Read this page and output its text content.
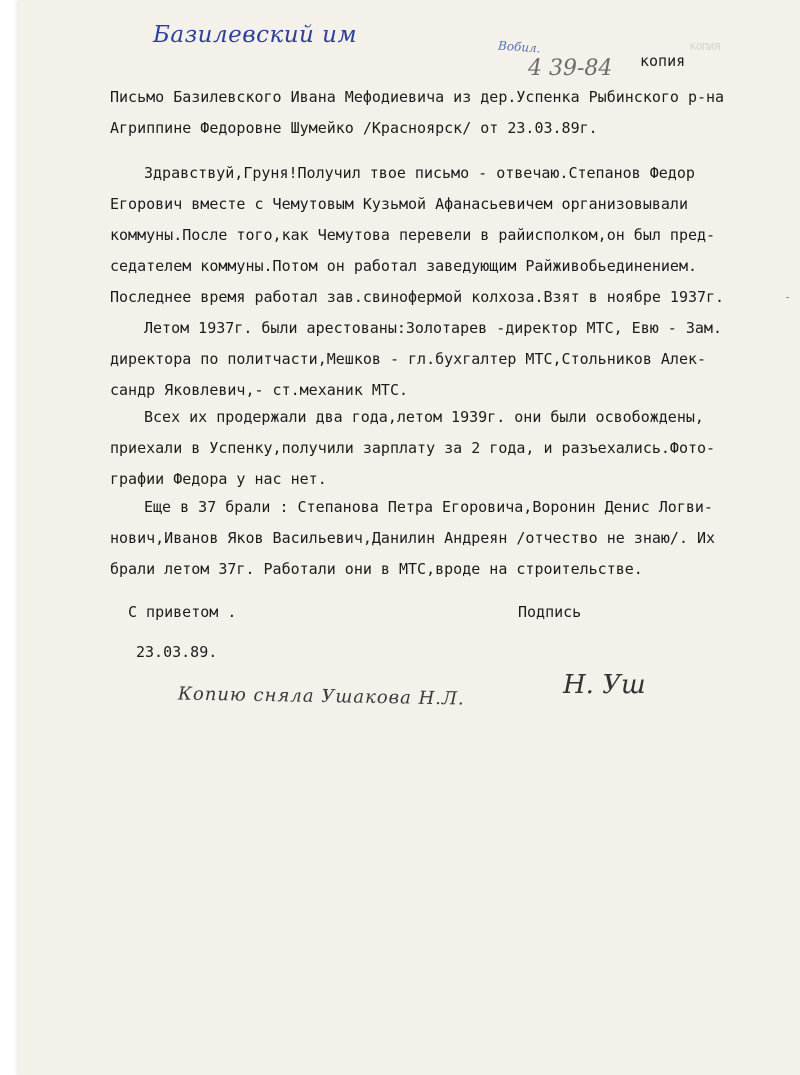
Базилевский им	Вобил.
4 39-84
КОПИЯ
копия
Письмо Базилевского Ивана Мефодиевича из дер.Успенка Рыбинского р-на
Агриппине Федоровне Шумейко /Красноярск/ от 23.03.89г.
Здравствуй,Груня!Получил твое письмо - отвечаю.Степанов Федор
Егорович вместе с Чемутовым Кузьмой Афанасьевичем организовывали
коммуны.После того,как Чемутова перевели в райисполком,он был пред-
седателем коммуны.Потом он работал заведующим Райживобьединением.
Последнее время работал зав.свинофермой колхоза.Взят в ноябре 1937г.
Летом 1937г. были арестованы:Золотарев -директор МТС, Евю - Зам.
директора по политчасти,Мешков - гл.бухгалтер МТС,Стольников Алек-
сандр Яковлевич,- ст.механик МТС.
Всех их продержали два года,летом 1939г. они были освобождены,
приехали в Успенку,получили зарплату за 2 года, и разъехались.Фото-
графии Федора у нас нет.
Еще в 37 брали : Степанова Петра Егоровича,Воронин Денис Логви-
нович,Иванов Яков Васильевич,Данилин Андреян /отчество не знаю/. Их
брали летом 37г. Работали они в МТС,вроде на строительстве.
С приветом .	Подпись
23.03.89.
Копию сняла Ушакова Н.Л.	Н. Уш
-
